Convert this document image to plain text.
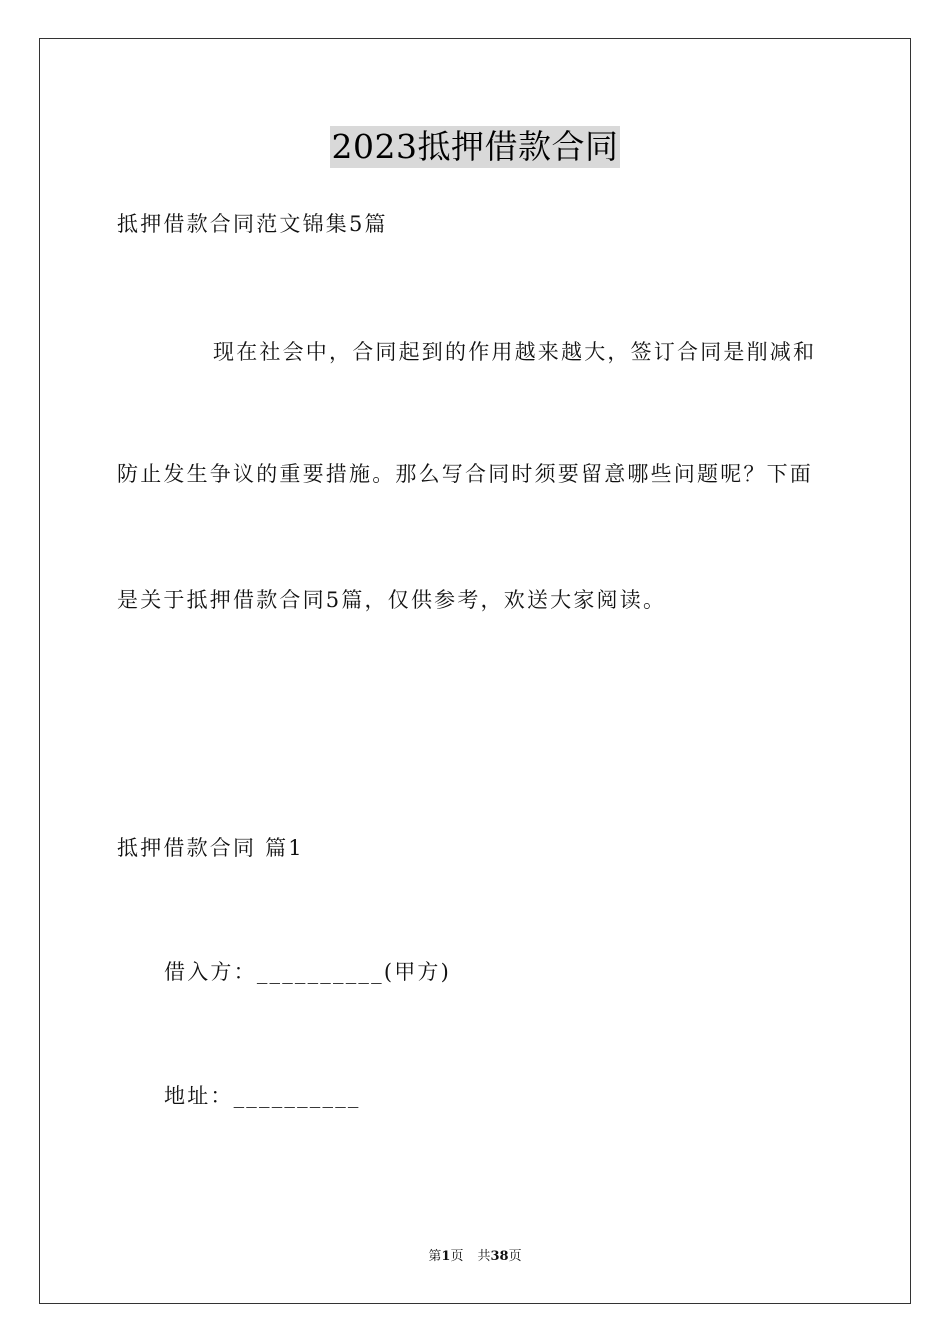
2023抵押借款合同
抵押借款合同范文锦集5篇
现在社会中，合同起到的作用越来越大，签订合同是削减和
防止发生争议的重要措施。那么写合同时须要留意哪些问题呢？下面
是关于抵押借款合同5篇，仅供参考，欢送大家阅读。
抵押借款合同 篇1
借入方：__________(甲方)
地址：__________
第1页 共38页
